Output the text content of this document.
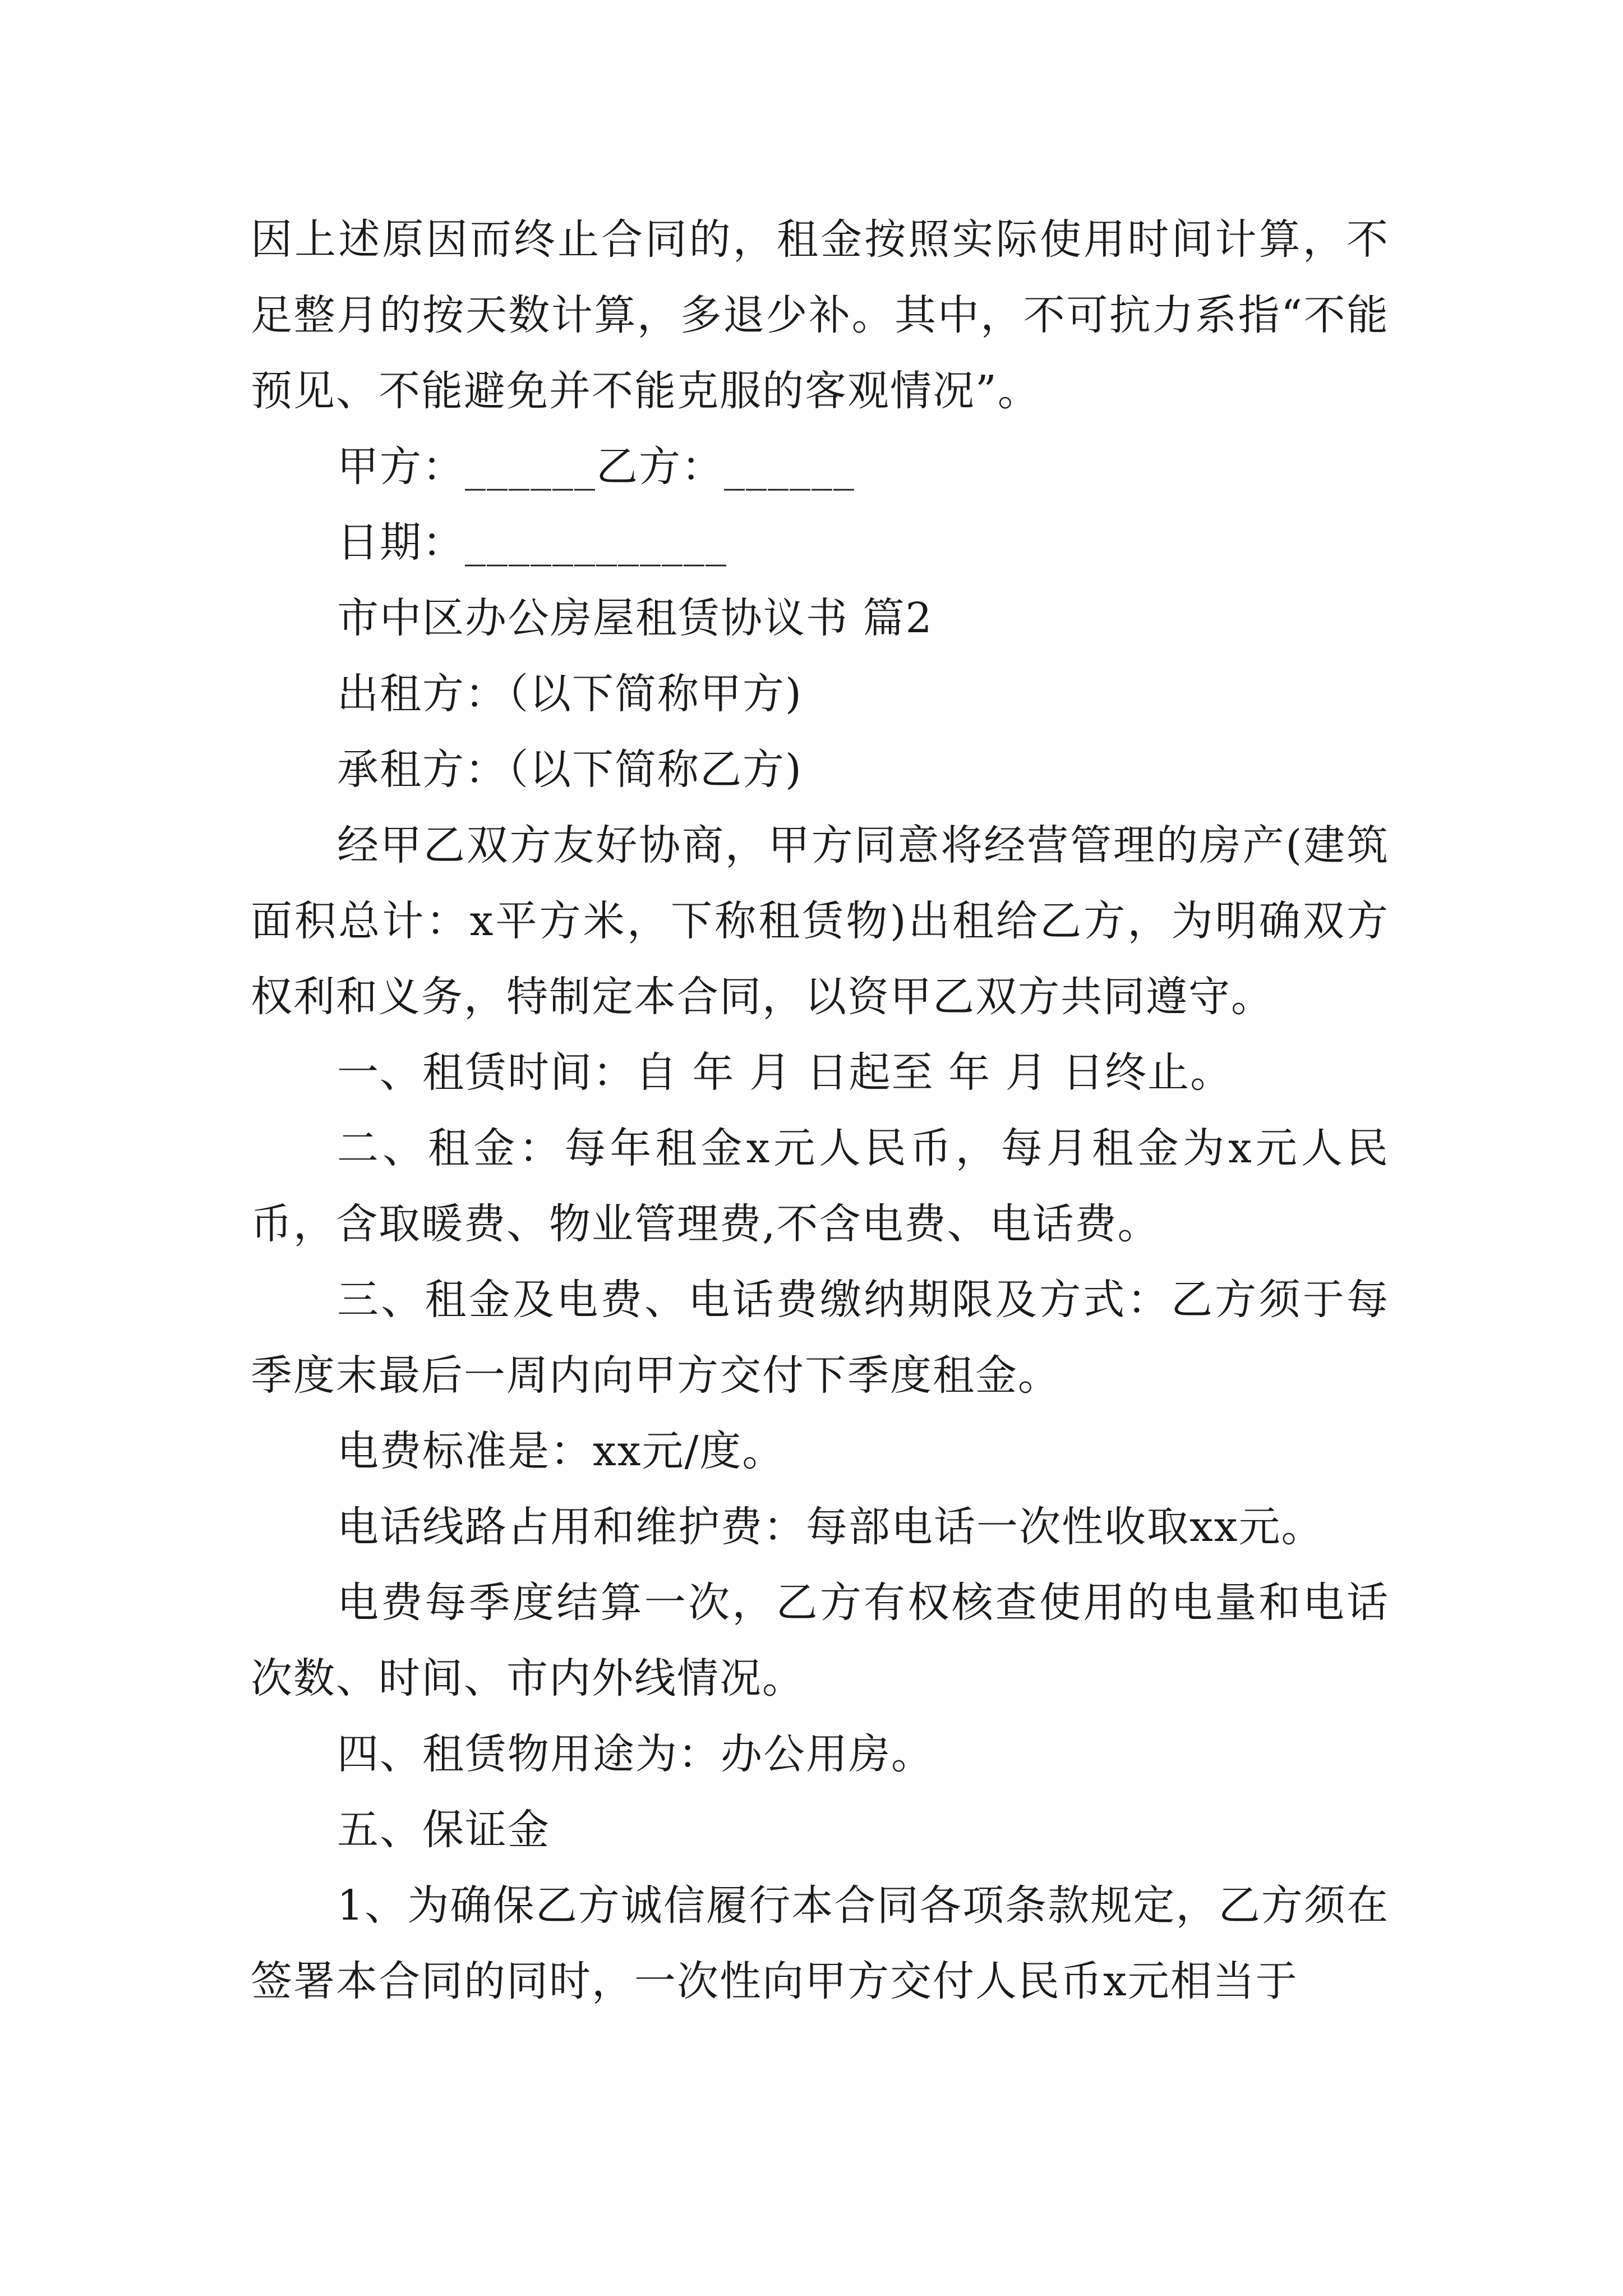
因上述原因而终止合同的，租金按照实际使用时间计算，不足整月的按天数计算，多退少补。其中，不可抗力系指“不能预见、不能避免并不能克服的客观情况”。

甲方：______乙方：______

日期：____________

市中区办公房屋租赁协议书 篇2

出租方：（以下简称甲方)

承租方：（以下简称乙方)

经甲乙双方友好协商，甲方同意将经营管理的房产(建筑面积总计：x平方米，下称租赁物)出租给乙方，为明确双方权利和义务，特制定本合同，以资甲乙双方共同遵守。

一、租赁时间：自 年 月 日起至 年 月 日终止。

二、租金：每年租金x元人民币，每月租金为x元人民币，含取暖费、物业管理费,不含电费、电话费。

三、租金及电费、电话费缴纳期限及方式：乙方须于每季度末最后一周内向甲方交付下季度租金。

电费标准是：xx元/度。

电话线路占用和维护费：每部电话一次性收取xx元。

电费每季度结算一次，乙方有权核查使用的电量和电话次数、时间、市内外线情况。

四、租赁物用途为：办公用房。

五、保证金

1、为确保乙方诚信履行本合同各项条款规定，乙方须在签署本合同的同时，一次性向甲方交付人民币x元相当于
